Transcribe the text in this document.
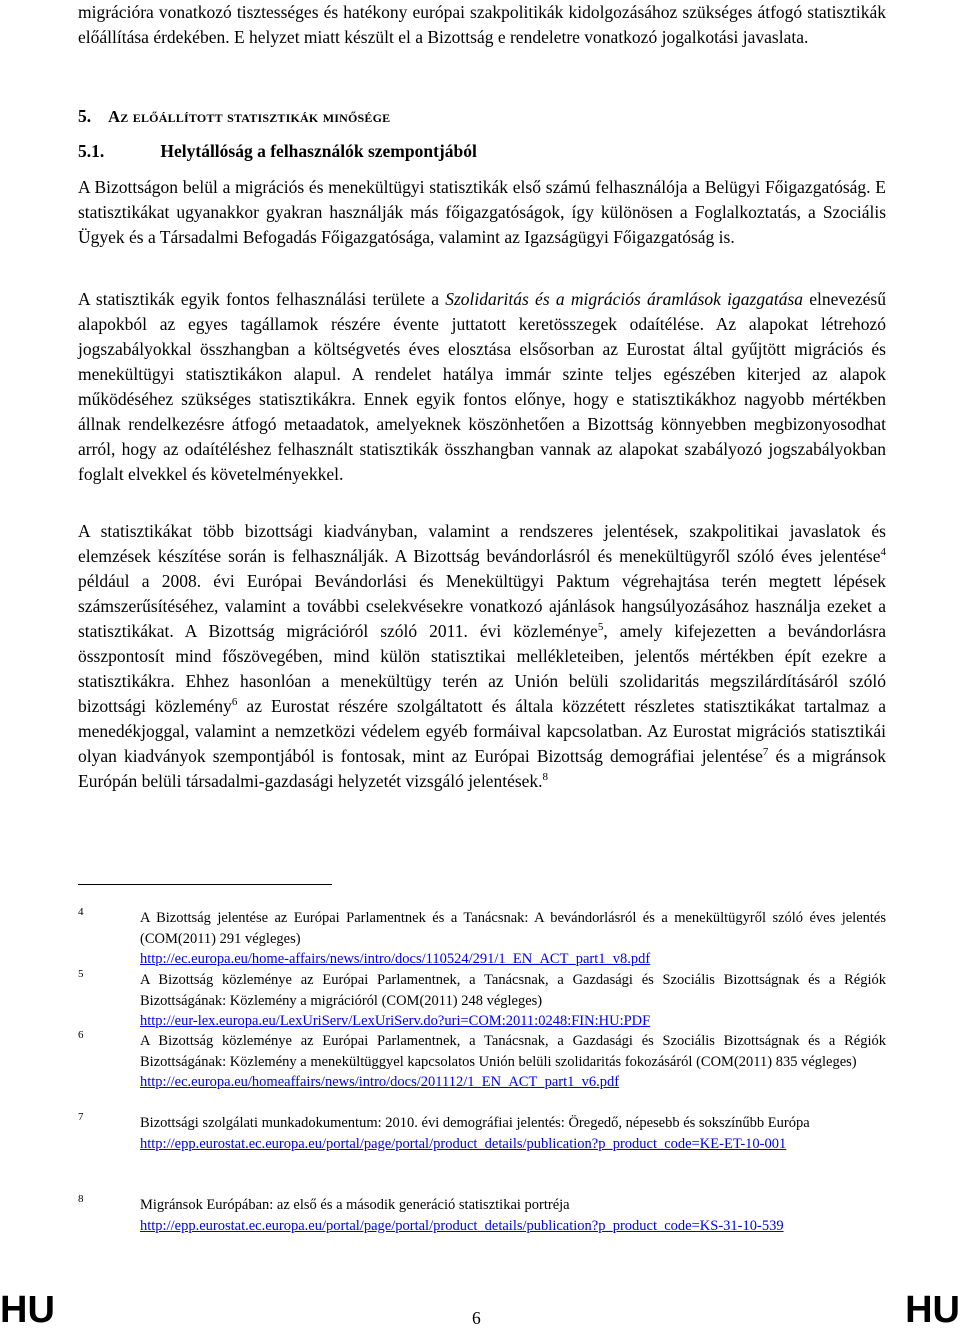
migrációra vonatkozó tisztességes és hatékony európai szakpolitikák kidolgozásához szükséges átfogó statisztikák előállítása érdekében. E helyzet miatt készült el a Bizottság e rendeletre vonatkozó jogalkotási javaslata.

5. Az előállított statisztikák minősége
5.1.	Helytállóság a felhasználók szempontjából

A Bizottságon belül a migrációs és menekültügyi statisztikák első számú felhasználója a Belügyi Főigazgatóság. E statisztikákat ugyanakkor gyakran használják más főigazgatóságok, így különösen a Foglalkoztatás, a Szociális Ügyek és a Társadalmi Befogadás Főigazgatósága, valamint az Igazságügyi Főigazgatóság is.

A statisztikák egyik fontos felhasználási területe a Szolidaritás és a migrációs áramlások igazgatása elnevezésű alapokból az egyes tagállamok részére évente juttatott keretösszegek odaítélése. Az alapokat létrehozó jogszabályokkal összhangban a költségvetés éves elosztása elsősorban az Eurostat által gyűjtött migrációs és menekültügyi statisztikákon alapul. A rendelet hatálya immár szinte teljes egészében kiterjed az alapok működéséhez szükséges statisztikákra. Ennek egyik fontos előnye, hogy e statisztikákhoz nagyobb mértékben állnak rendelkezésre átfogó metaadatok, amelyeknek köszönhetően a Bizottság könnyebben megbizonyosodhat arról, hogy az odaítéléshez felhasznált statisztikák összhangban vannak az alapokat szabályozó jogszabályokban foglalt elvekkel és követelményekkel.

A statisztikákat több bizottsági kiadványban, valamint a rendszeres jelentések, szakpolitikai javaslatok és elemzések készítése során is felhasználják. A Bizottság bevándorlásról és menekültügyről szóló éves jelentése$^4$ például a 2008. évi Európai Bevándorlási és Menekültügyi Paktum végrehajtása terén megtett lépések számszerűsítéséhez, valamint a további cselekvésekre vonatkozó ajánlások hangsúlyozásához használja ezeket a statisztikákat. A Bizottság migrációról szóló 2011. évi közleménye$^5$, amely kifejezetten a bevándorlásra összpontosít mind főszövegében, mind külön statisztikai mellékleteiben, jelentős mértékben épít ezekre a statisztikákra. Ehhez hasonlóan a menekültügy terén az Unión belüli szolidaritás megszilárdításáról szóló bizottsági közlemény$^6$ az Eurostat részére szolgáltatott és általa közzétett részletes statisztikákat tartalmaz a menedékjoggal, valamint a nemzetközi védelem egyéb formáival kapcsolatban. Az Eurostat migrációs statisztikái olyan kiadványok szempontjából is fontosak, mint az Európai Bizottság demográfiai jelentése$^7$ és a migránsok Európán belüli társadalmi-gazdasági helyzetét vizsgáló jelentések.$^8$

4	A Bizottság jelentése az Európai Parlamentnek és a Tanácsnak: A bevándorlásról és a menekültügyről szóló éves jelentés (COM(2011) 291 végleges)
http://ec.europa.eu/home-affairs/news/intro/docs/110524/291/1_EN_ACT_part1_v8.pdf
5	A Bizottság közleménye az Európai Parlamentnek, a Tanácsnak, a Gazdasági és Szociális Bizottságnak és a Régiók Bizottságának: Közlemény a migrációról (COM(2011) 248 végleges)
http://eur-lex.europa.eu/LexUriServ/LexUriServ.do?uri=COM:2011:0248:FIN:HU:PDF
6	A Bizottság közleménye az Európai Parlamentnek, a Tanácsnak, a Gazdasági és Szociális Bizottságnak és a Régiók Bizottságának: Közlemény a menekültüggyel kapcsolatos Unión belüli szolidaritás fokozásáról (COM(2011) 835 végleges)
http://ec.europa.eu/homeaffairs/news/intro/docs/201112/1_EN_ACT_part1_v6.pdf
7	Bizottsági szolgálati munkadokumentum: 2010. évi demográfiai jelentés: Öregedő, népesebb és sokszínűbb Európa
http://epp.eurostat.ec.europa.eu/portal/page/portal/product_details/publication?p_product_code=KE-ET-10-001
8	Migránsok Európában: az első és a második generáció statisztikai portréja
http://epp.eurostat.ec.europa.eu/portal/page/portal/product_details/publication?p_product_code=KS-31-10-539
HU	6	HU
